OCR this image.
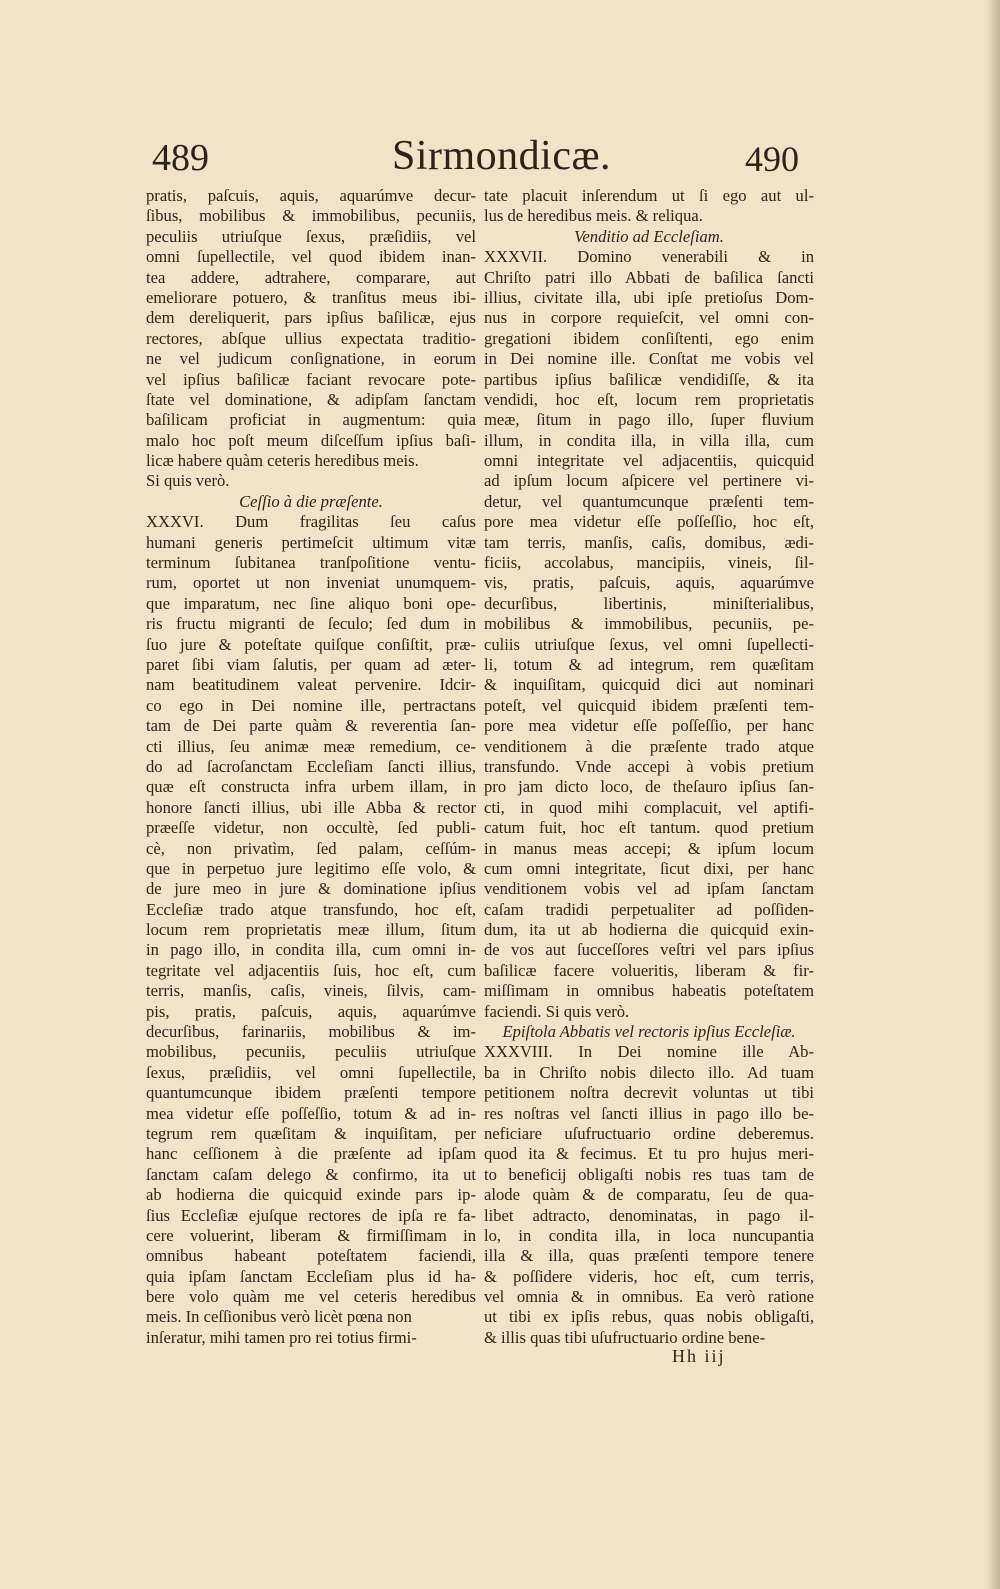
489	Sirmondicæ.	490
pratis, paſcuis, aquis, aquarúmve decur-
ſibus, mobilibus & immobilibus, pecuniis,
peculiis utriuſque ſexus, præſidiis, vel
omni ſupellectile, vel quod ibidem inan-
tea addere, adtrahere, comparare, aut
emeliorare potuero, & tranſitus meus ibi-
dem dereliquerit, pars ipſius baſilicæ, ejus
rectores, abſque ullius expectata traditio-
ne vel judicum conſignatione, in eorum
vel ipſius baſilicæ faciant revocare pote-
ſtate vel dominatione, & adipſam ſanctam
baſilicam proficiat in augmentum: quia
malo hoc poſt meum diſceſſum ipſius baſi-
licæ habere quàm ceteris heredibus meis.
Si quis verò.
Ceſſio à die præſente.
XXXVI. Dum fragilitas ſeu caſus
humani generis pertimeſcit ultimum vitæ
terminum ſubitanea tranſpoſitione ventu-
rum, oportet ut non inveniat unumquem-
que imparatum, nec ſine aliquo boni ope-
ris fructu migranti de ſeculo; ſed dum in
ſuo jure & poteſtate quiſque conſiſtit, præ-
paret ſibi viam ſalutis, per quam ad æter-
nam beatitudinem valeat pervenire. Idcir-
co ego in Dei nomine ille, pertractans
tam de Dei parte quàm & reverentia ſan-
cti illius, ſeu animæ meæ remedium, ce-
do ad ſacroſanctam Eccleſiam ſancti illius,
quæ eſt constructa infra urbem illam, in
honore ſancti illius, ubi ille Abba & rector
præeſſe videtur, non occultè, ſed publi-
cè, non privatìm, ſed palam, ceſſúm-
que in perpetuo jure legitimo eſſe volo, &
de jure meo in jure & dominatione ipſius
Eccleſiæ trado atque transfundo, hoc eſt,
locum rem proprietatis meæ illum, ſitum
in pago illo, in condita illa, cum omni in-
tegritate vel adjacentiis ſuis, hoc eſt, cum
terris, manſis, caſis, vineis, ſilvis, cam-
pis, pratis, paſcuis, aquis, aquarúmve
decurſibus, farinariis, mobilibus & im-
mobilibus, pecuniis, peculiis utriuſque
ſexus, præſidiis, vel omni ſupellectile,
quantumcunque ibidem præſenti tempore
mea videtur eſſe poſſeſſio, totum & ad in-
tegrum rem quæſitam & inquiſitam, per
hanc ceſſionem à die præſente ad ipſam
ſanctam caſam delego & confirmo, ita ut
ab hodierna die quicquid exinde pars ip-
ſius Eccleſiæ ejuſque rectores de ipſa re fa-
cere voluerint, liberam & firmiſſimam in
omnibus habeant poteſtatem faciendi,
quia ipſam ſanctam Eccleſiam plus id ha-
bere volo quàm me vel ceteris heredibus
meis. In ceſſionibus verò licèt pœna non
inſeratur, mihi tamen pro rei totius firmi-
tate placuit inſerendum ut ſi ego aut ul-
lus de heredibus meis. & reliqua.
Venditio ad Eccleſiam.
XXXVII. Domino venerabili & in
Chriſto patri illo Abbati de baſilica ſancti
illius, civitate illa, ubi ipſe pretioſus Dom-
nus in corpore requieſcit, vel omni con-
gregationi ibidem conſiſtenti, ego enim
in Dei nomine ille. Conſtat me vobis vel
partibus ipſius baſilicæ vendidiſſe, & ita
vendidi, hoc eſt, locum rem proprietatis
meæ, ſitum in pago illo, ſuper fluvium
illum, in condita illa, in villa illa, cum
omni integritate vel adjacentiis, quicquid
ad ipſum locum aſpicere vel pertinere vi-
detur, vel quantumcunque præſenti tem-
pore mea videtur eſſe poſſeſſio, hoc eſt,
tam terris, manſis, caſis, domibus, ædi-
ficiis, accolabus, mancipiis, vineis, ſil-
vis, pratis, paſcuis, aquis, aquarúmve
decurſibus, libertinis, miniſterialibus,
mobilibus & immobilibus, pecuniis, pe-
culiis utriuſque ſexus, vel omni ſupellecti-
li, totum & ad integrum, rem quæſitam
& inquiſitam, quicquid dici aut nominari
poteſt, vel quicquid ibidem præſenti tem-
pore mea videtur eſſe poſſeſſio, per hanc
venditionem à die præſente trado atque
transfundo. Vnde accepi à vobis pretium
pro jam dicto loco, de theſauro ipſius ſan-
cti, in quod mihi complacuit, vel aptifi-
catum fuit, hoc eſt tantum. quod pretium
in manus meas accepi; & ipſum locum
cum omni integritate, ſicut dixi, per hanc
venditionem vobis vel ad ipſam ſanctam
caſam tradidi perpetualiter ad poſſiden-
dum, ita ut ab hodierna die quicquid exin-
de vos aut ſucceſſores veſtri vel pars ipſius
baſilicæ facere volueritis, liberam & fir-
miſſimam in omnibus habeatis poteſtatem
faciendi. Si quis verò.
Epiſtola Abbatis vel rectoris ipſius Eccleſiæ.
XXXVIII. In Dei nomine ille Ab-
ba in Chriſto nobis dilecto illo. Ad tuam
petitionem noſtra decrevit voluntas ut tibi
res noſtras vel ſancti illius in pago illo be-
neficiare uſufructuario ordine deberemus.
quod ita & fecimus. Et tu pro hujus meri-
to beneficij obligaſti nobis res tuas tam de
alode quàm & de comparatu, ſeu de qua-
libet adtracto, denominatas, in pago il-
lo, in condita illa, in loca nuncupantia
illa & illa, quas præſenti tempore tenere
& poſſidere videris, hoc eſt, cum terris,
vel omnia & in omnibus. Ea verò ratione
ut tibi ex ipſis rebus, quas nobis obligaſti,
& illis quas tibi uſufructuario ordine bene-
Hh iij
